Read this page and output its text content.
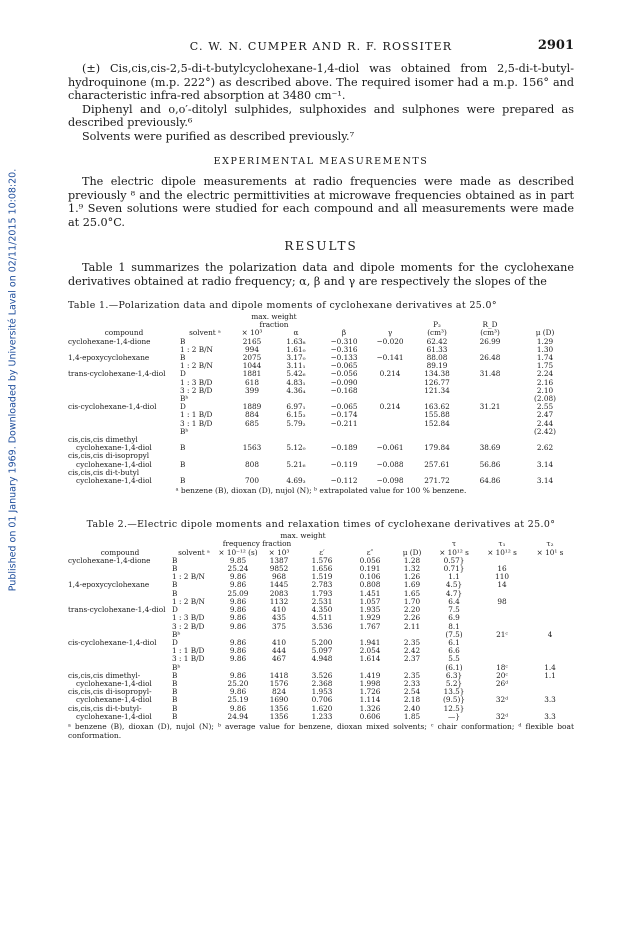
Published on 01 January 1969. Downloaded by Université Laval on 02/11/2015 10:08:20.
C. W. N. CUMPER AND R. F. ROSSITER	2901

(±) Cis,cis,cis-2,5-di-t-butylcyclohexane-1,4-diol was obtained from 2,5-di-t-butyl-hydroquinone (m.p. 222°) as described above. The required isomer had a m.p. 156° and characteristic infra-red absorption at 3480 cm⁻¹.

Diphenyl and o,o′-ditolyl sulphides, sulphoxides and sulphones were prepared as described previously.⁶

Solvents were purified as described previously.⁷

EXPERIMENTAL MEASUREMENTS

The electric dipole measurements at radio frequencies were made as described previously ⁸ and the electric permittivities at microwave frequencies obtained as in part 1.⁹ Seven solutions were studied for each compound and all measurements were made at 25.0°C.

RESULTS

Table 1 summarizes the polarization data and dipole moments for the cyclohexane derivatives obtained at radio frequency; α, β and γ are respectively the slopes of the

Table 1.—Polarization data and dipole moments of cyclohexane derivatives at 25.0°
		max. weight						
		fraction				P₂	R_D	
compound	solvent ᵃ	× 10³	α	β	γ	(cm³)	(cm³)	μ (D)
cyclohexane-1,4-dione	B	2165	1.63₈	−0.310	−0.020	62.42	26.99	1.29
	1 : 2 B/N	994	1.61₀	−0.316		61.33		1.30
1,4-epoxycyclohexane	B	2075	3.17₀	−0.133	−0.141	88.08	26.48	1.74
	1 : 2 B/N	1044	3.11₁	−0.065		89.19		1.75
trans-cyclohexane-1,4-diol	D	1881	5.42₆	−0.056	0.214	134.38	31.48	2.24
	1 : 3 B/D	618	4.83₁	−0.090		126.77		2.16
	3 : 2 B/D	399	4.36₄	−0.168		121.34		2.10
	Bᵇ							(2.08)
cis-cyclohexane-1,4-diol	D	1889	6.97₁	−0.065	0.214	163.62	31.21	2.55
	1 : 1 B/D	884	6.15₃	−0.174		155.88		2.47
	3 : 1 B/D	685	5.79₂	−0.211		152.84		2.44
	Bᵇ							(2.42)
cis,cis,cis dimethyl								
cyclohexane-1,4-diol	B	1563	5.12₀	−0.189	−0.061	179.84	38.69	2.62
cis,cis,cis di-isopropyl								
cyclohexane-1,4-diol	B	808	5.21₆	−0.119	−0.088	257.61	56.86	3.14
cis,cis,cis di-t-butyl								
cyclohexane-1,4-diol	B	700	4.69₃	−0.112	−0.098	271.72	64.86	3.14
ᵃ benzene (B), dioxan (D), nujol (N); ᵇ extrapolated value for 100 % benzene.
Table 2.—Electric dipole moments and relaxation times of cyclohexane derivatives at 25.0°
			max. weight						
		frequency fraction					τ	τ₁	τ₂
compound	solvent ᵃ	× 10⁻¹² (s)	× 10³	ε′	ε″	μ (D)	× 10¹² s	× 10¹² s	× 10¹ s
cyclohexane-1,4-dione	B	9.85	1387	1.576	0.056	1.28	0.57}		
	B	25.24	9852	1.656	0.191	1.32	0.71}	16	
	1 : 2 B/N	9.86	968	1.519	0.106	1.26	1.1	110	
1,4-epoxycyclohexane	B	9.86	1445	2.783	0.808	1.69	4.5}	14	
	B	25.09	2083	1.793	1.451	1.65	4.7}		
	1 : 2 B/N	9.86	1132	2.531	1.057	1.70	6.4	98	
trans-cyclohexane-1,4-diol	D	9.86	410	4.350	1.935	2.20	7.5		
	1 : 3 B/D	9.86	435	4.511	1.929	2.26	6.9		
	3 : 2 B/D	9.86	375	3.536	1.767	2.11	8.1		
	Bᵇ						(7.5)	21ᶜ	4
cis-cyclohexane-1,4-diol	D	9.86	410	5.200	1.941	2.35	6.1		
	1 : 1 B/D	9.86	444	5.097	2.054	2.42	6.6		
	3 : 1 B/D	9.86	467	4.948	1.614	2.37	5.5		
	Bᵇ						(6.1)	18ᶜ	1.4
cis,cis,cis dimethyl-	B	9.86	1418	3.526	1.419	2.35	6.3}	20ᶜ	1.1
cyclohexane-1,4-diol	B	25.20	1576	2.368	1.998	2.33	5.2}	26ᵈ	
cis,cis,cis di-isopropyl-	B	9.86	824	1.953	1.726	2.54	13.5}		
cyclohexane-1,4-diol	B	25.19	1690	0.706	1.114	2.18	(9.5)}	32ᵈ	3.3
cis,cis,cis di-t-butyl-	B	9.86	1356	1.620	1.326	2.40	12.5}		
cyclohexane-1,4-diol	B	24.94	1356	1.233	0.606	1.85	—}	32ᵈ	3.3
ᵃ benzene (B), dioxan (D), nujol (N); ᵇ average value for benzene, dioxan mixed solvents; ᶜ chair conformation; ᵈ flexible boat conformation.
